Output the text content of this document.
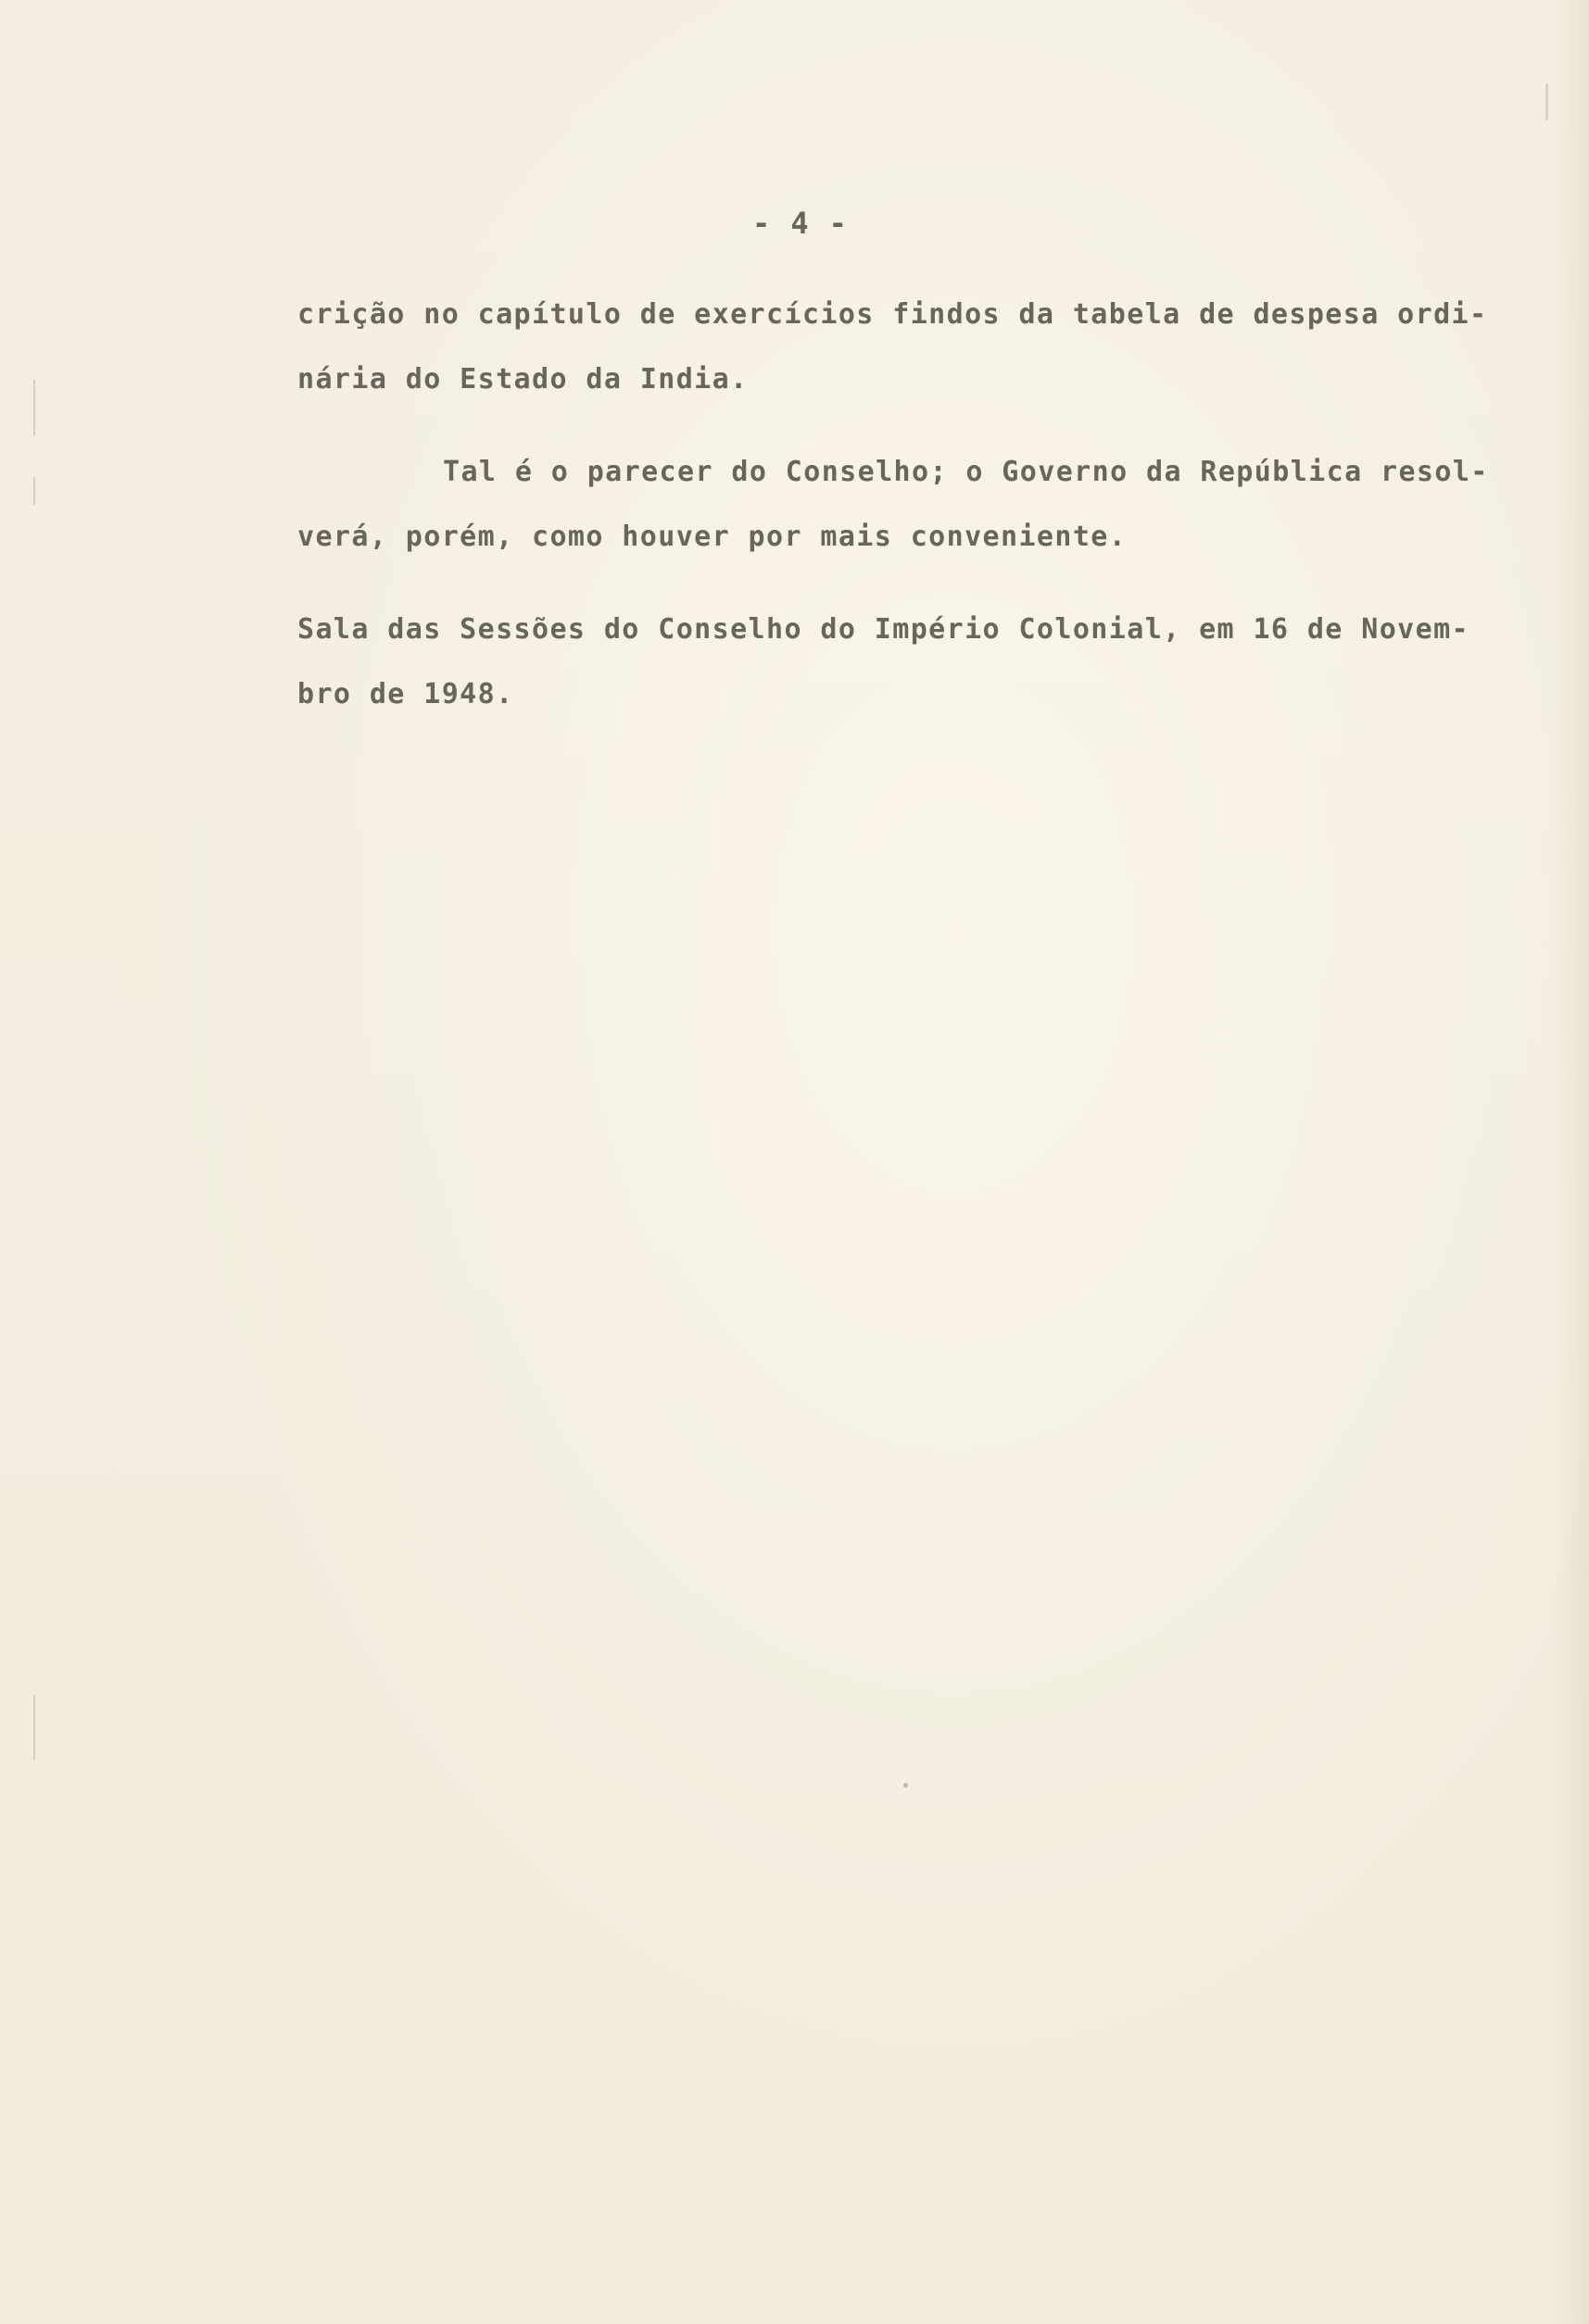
- 4 -
crição no capítulo de exercícios findos da tabela de despesa ordi-
nária do Estado da India.
Tal é o parecer do Conselho; o Governo da República resol-
verá, porém, como houver por mais conveniente.
Sala das Sessões do Conselho do Império Colonial, em 16 de Novem-
bro de 1948.
